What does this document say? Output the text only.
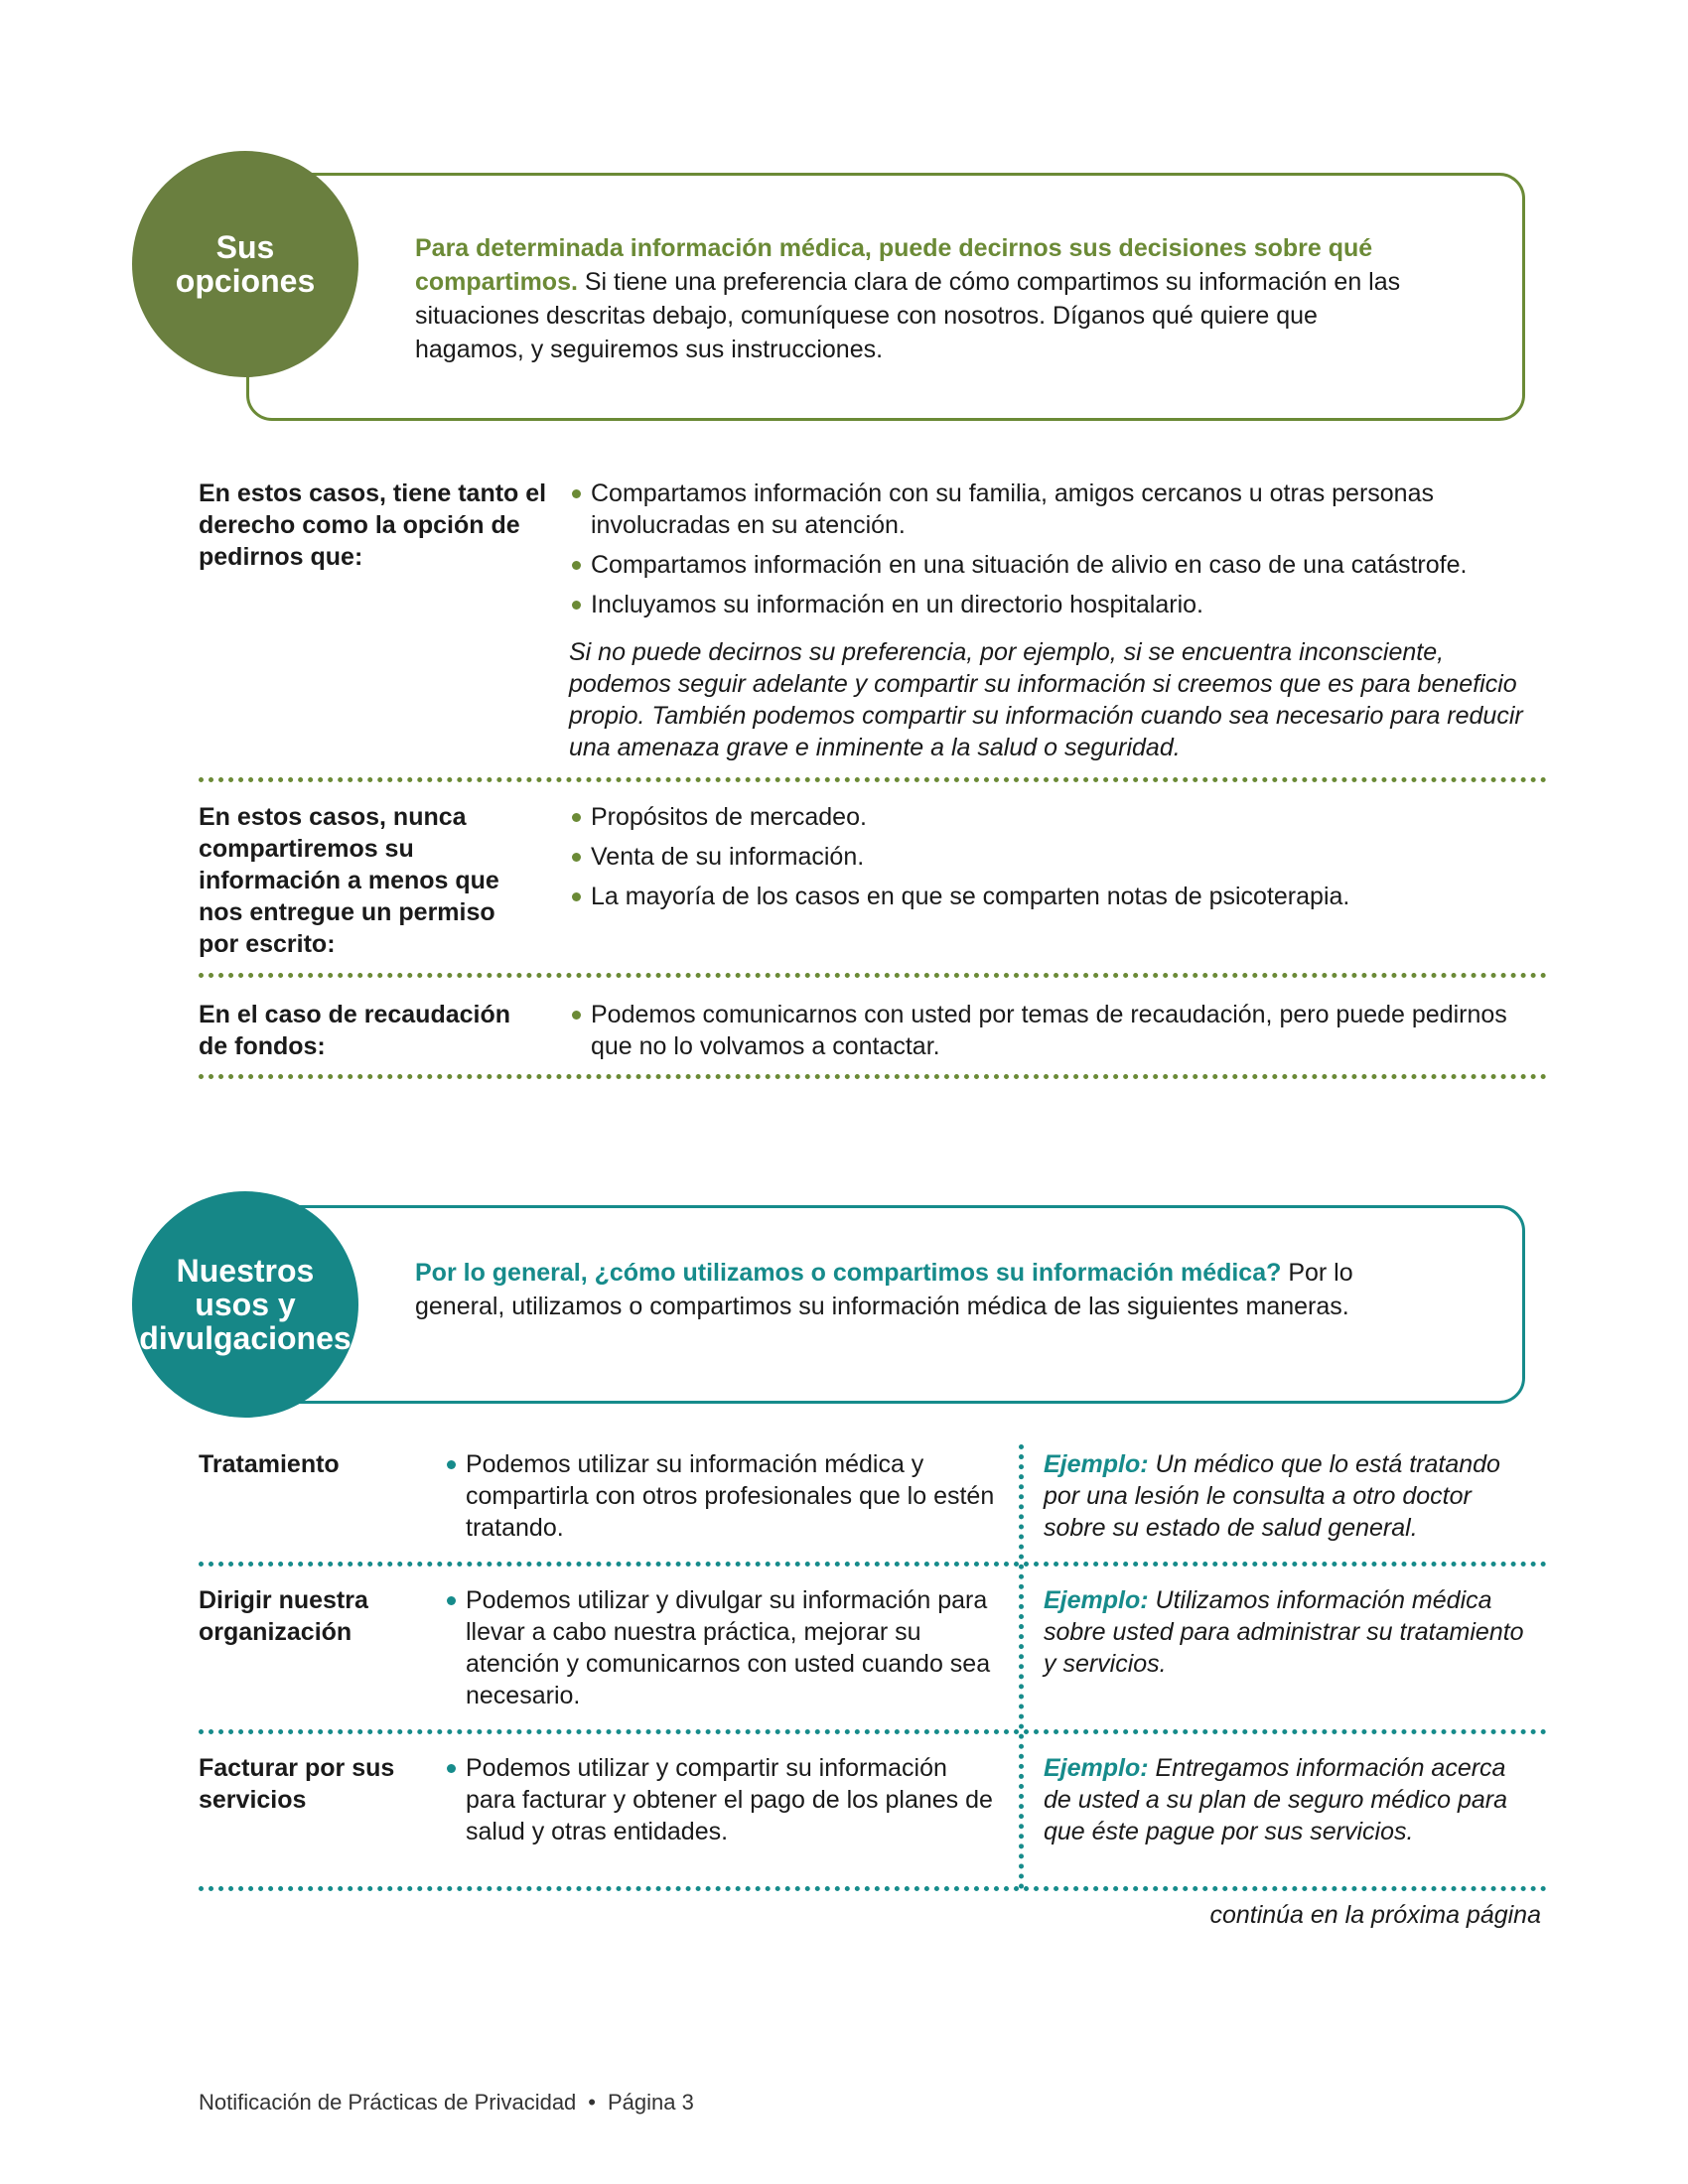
Sus
opciones
Para determinada información médica, puede decirnos sus decisiones sobre qué compartimos. Si tiene una preferencia clara de cómo compartimos su información en las situaciones descritas debajo, comuníquese con nosotros. Díganos qué quiere que hagamos, y seguiremos sus instrucciones.
En estos casos, tiene tanto el derecho como la opción de pedirnos que:
Compartamos información con su familia, amigos cercanos u otras personas involucradas en su atención.
Compartamos información en una situación de alivio en caso de una catástrofe.
Incluyamos su información en un directorio hospitalario.
Si no puede decirnos su preferencia, por ejemplo, si se encuentra inconsciente, podemos seguir adelante y compartir su información si creemos que es para beneficio propio. También podemos compartir su información cuando sea necesario para reducir una amenaza grave e inminente a la salud o seguridad.
En estos casos, nunca compartiremos su información a menos que nos entregue un permiso por escrito:
Propósitos de mercadeo.
Venta de su información.
La mayoría de los casos en que se comparten notas de psicoterapia.
En el caso de recaudación de fondos:
Podemos comunicarnos con usted por temas de recaudación, pero puede pedirnos que no lo volvamos a contactar.
Nuestros
usos y
divulgaciones
Por lo general, ¿cómo utilizamos o compartimos su información médica? Por lo general, utilizamos o compartimos su información médica de las siguientes maneras.
Tratamiento	Podemos utilizar su información médica y compartirla con otros profesionales que lo estén tratando.
Ejemplo: Un médico que lo está tratando por una lesión le consulta a otro doctor sobre su estado de salud general.
Dirigir nuestra organización
Podemos utilizar y divulgar su información para llevar a cabo nuestra práctica, mejorar su atención y comunicarnos con usted cuando sea necesario.
Ejemplo: Utilizamos información médica sobre usted para administrar su tratamiento y servicios.
Facturar por sus servicios
Podemos utilizar y compartir su información para facturar y obtener el pago de los planes de salud y otras entidades.
Ejemplo: Entregamos información acerca de usted a su plan de seguro médico para que éste pague por sus servicios.
continúa en la próxima página
Notificación de Prácticas de Privacidad • Página 3
